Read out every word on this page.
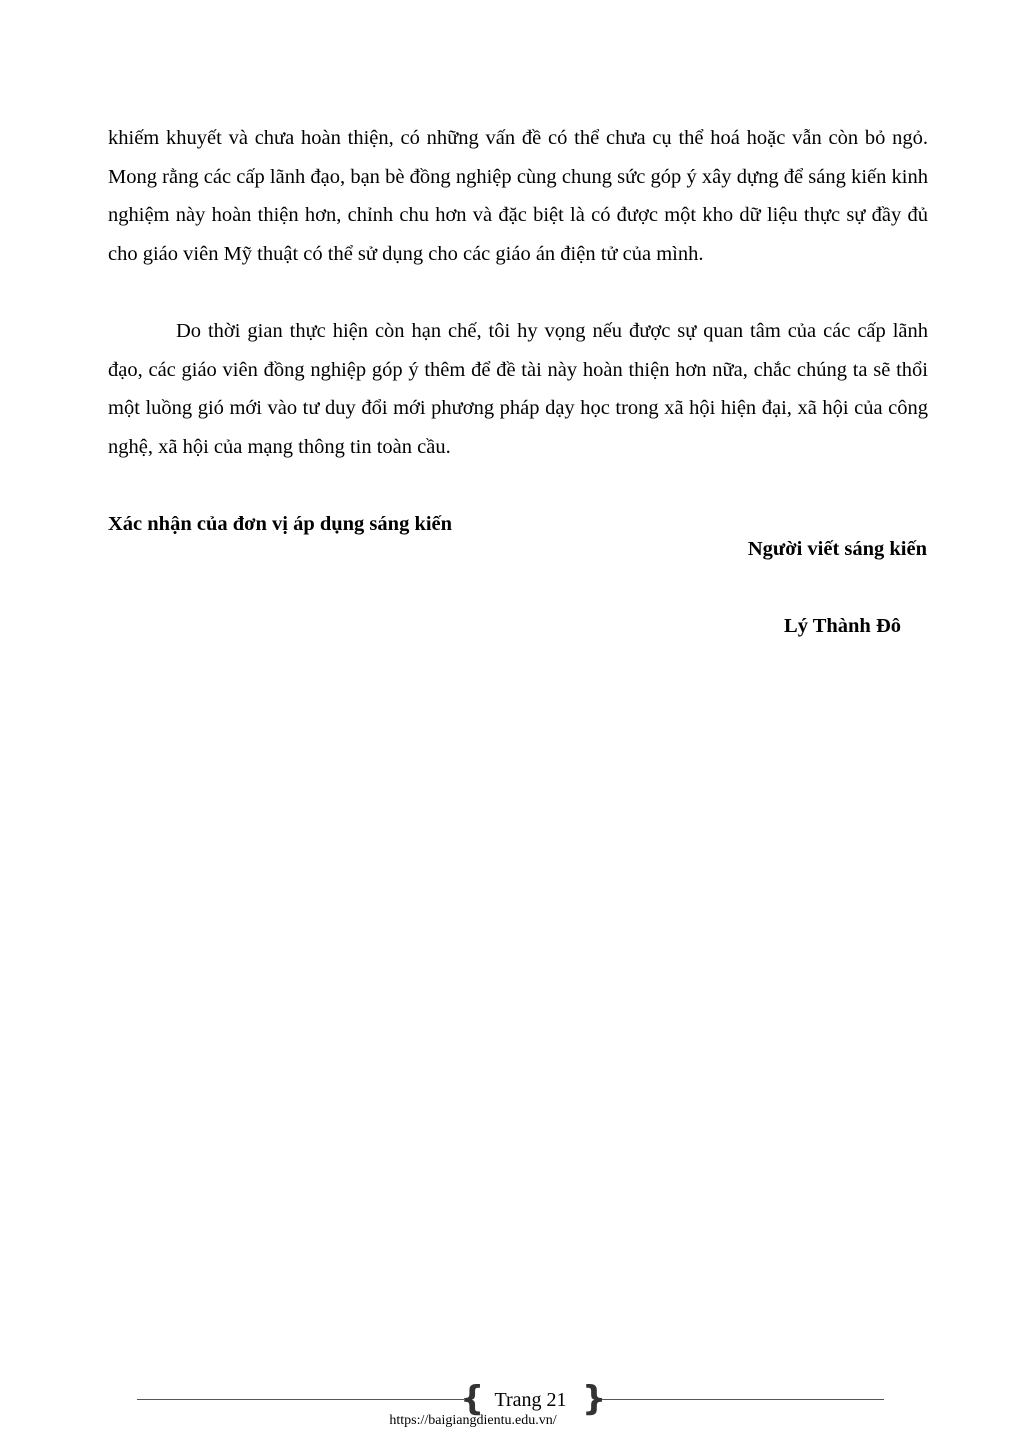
khiếm khuyết và chưa hoàn thiện, có những vấn đề có thể chưa cụ thể hoá hoặc vẫn còn bỏ ngỏ. Mong rằng các cấp lãnh đạo, bạn bè đồng nghiệp cùng chung sức góp ý xây dựng để sáng kiến kinh nghiệm này hoàn thiện hơn, chỉnh chu hơn và đặc biệt là có được một kho dữ liệu thực sự đầy đủ cho giáo viên Mỹ thuật có thể sử dụng cho các giáo án điện tử của mình.

Do thời gian thực hiện còn hạn chế, tôi hy vọng nếu được sự quan tâm của các cấp lãnh đạo, các giáo viên đồng nghiệp góp ý thêm để đề tài này hoàn thiện hơn nữa, chắc chúng ta sẽ thổi một luồng gió mới vào tư duy đổi mới phương pháp dạy học trong xã hội hiện đại, xã hội của công nghệ, xã hội của mạng thông tin toàn cầu.

Xác nhận của đơn vị áp dụng sáng kiến

Người viết sáng kiến

Lý Thành Đô

{	}
Trang 21
https://baigiangdientu.edu.vn/
